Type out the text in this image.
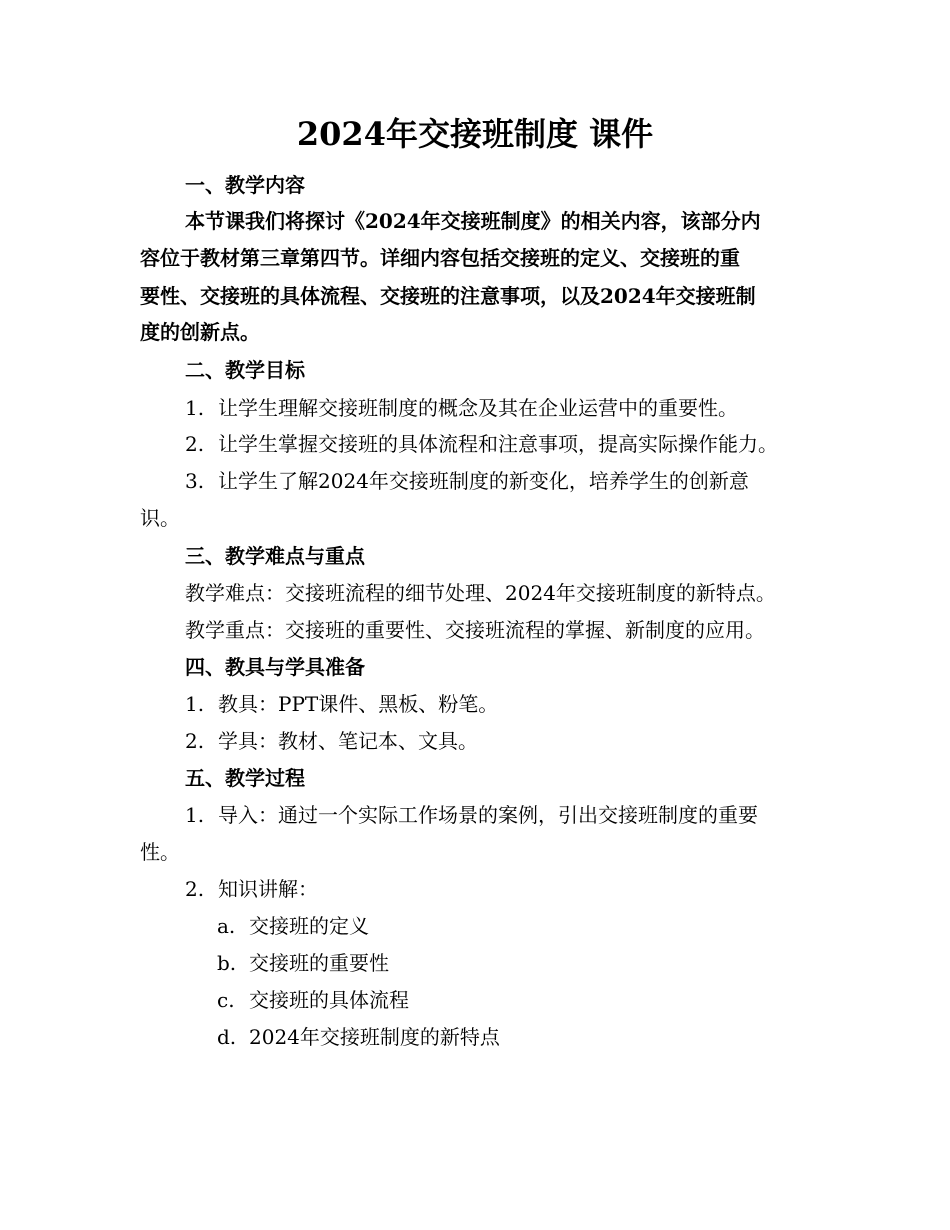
2024年交接班制度 课件
一、教学内容
本节课我们将探讨《2024年交接班制度》的相关内容，该部分内
容位于教材第三章第四节。详细内容包括交接班的定义、交接班的重
要性、交接班的具体流程、交接班的注意事项，以及2024年交接班制
度的创新点。
二、教学目标
1. 让学生理解交接班制度的概念及其在企业运营中的重要性。
2. 让学生掌握交接班的具体流程和注意事项，提高实际操作能力。
3. 让学生了解2024年交接班制度的新变化，培养学生的创新意
识。
三、教学难点与重点
教学难点：交接班流程的细节处理、2024年交接班制度的新特点。
教学重点：交接班的重要性、交接班流程的掌握、新制度的应用。
四、教具与学具准备
1. 教具：PPT课件、黑板、粉笔。
2. 学具：教材、笔记本、文具。
五、教学过程
1. 导入：通过一个实际工作场景的案例，引出交接班制度的重要
性。
2. 知识讲解：
a. 交接班的定义
b. 交接班的重要性
c. 交接班的具体流程
d. 2024年交接班制度的新特点
